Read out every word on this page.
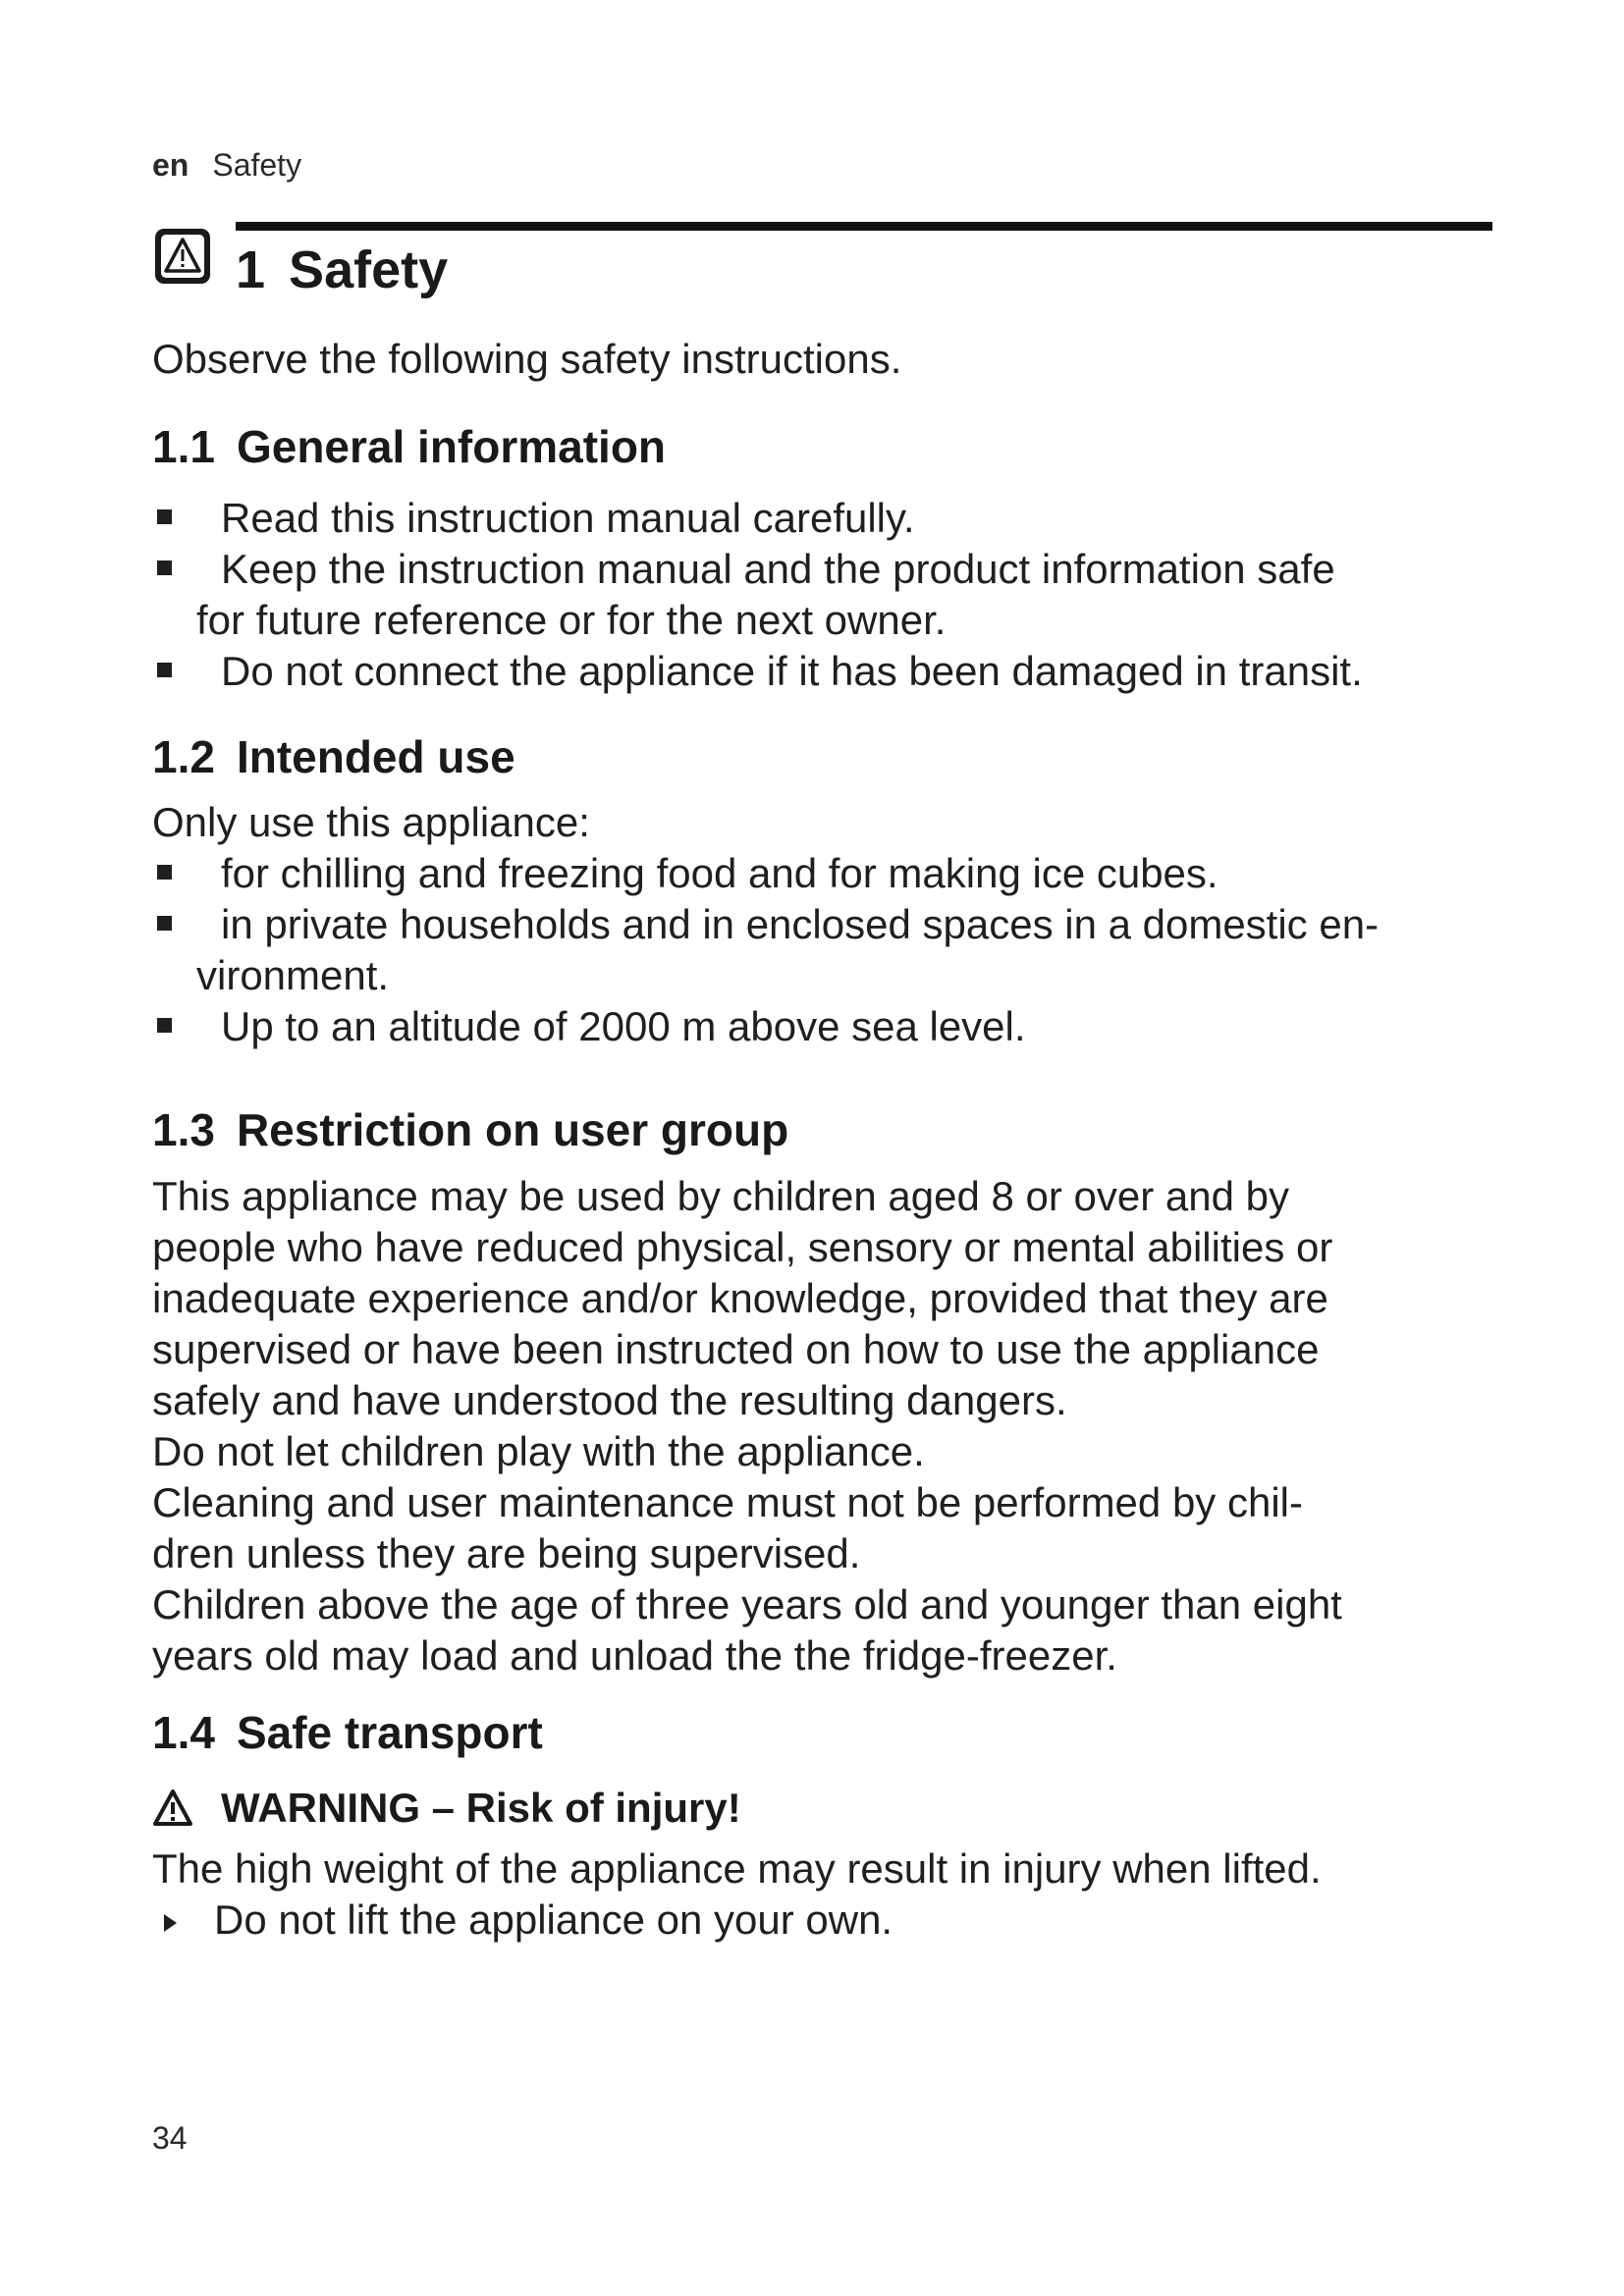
en Safety
1 Safety
Observe the following safety instructions.
1.1 General information
Read this instruction manual carefully.
Keep the instruction manual and the product information safe
for future reference or for the next owner.
Do not connect the appliance if it has been damaged in transit.
1.2 Intended use
Only use this appliance:
for chilling and freezing food and for making ice cubes.
in private households and in enclosed spaces in a domestic en-
vironment.
Up to an altitude of 2000 m above sea level.
1.3 Restriction on user group
This appliance may be used by children aged 8 or over and by
people who have reduced physical, sensory or mental abilities or
inadequate experience and/or knowledge, provided that they are
supervised or have been instructed on how to use the appliance
safely and have understood the resulting dangers.
Do not let children play with the appliance.
Cleaning and user maintenance must not be performed by chil-
dren unless they are being supervised.
Children above the age of three years old and younger than eight
years old may load and unload the the fridge-freezer.
1.4 Safe transport
WARNING – Risk of injury!
The high weight of the appliance may result in injury when lifted.
Do not lift the appliance on your own.
34
